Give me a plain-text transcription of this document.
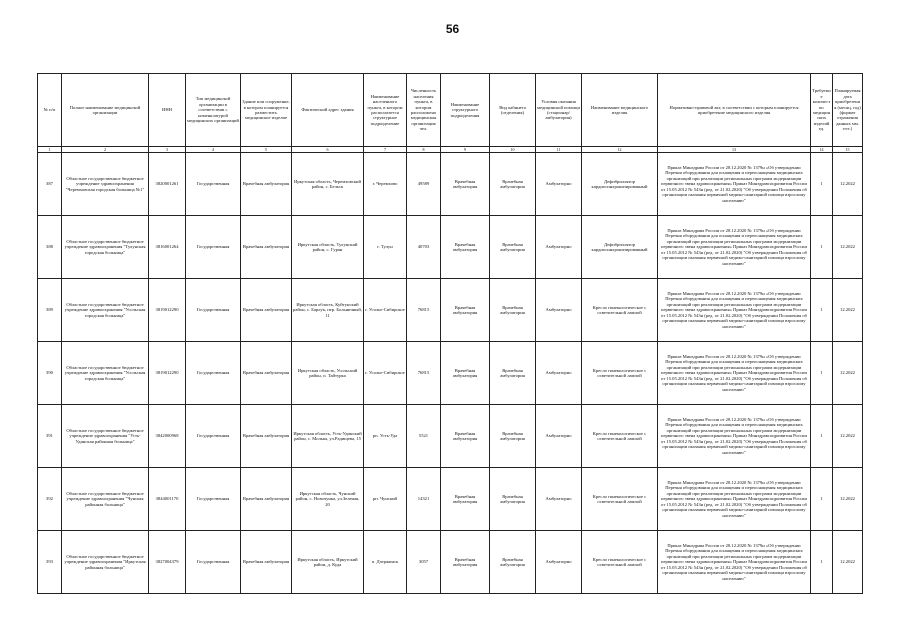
56
№ п/п	Полное наименование медицинской организации	ИНН	Тип медицинской организации в соответствии с номенклатурой медицинских организаций	Здание или сооружение, в котором планируется разместить медицинское изделие	Фактический адрес здания	Наименование населенного пункта, в котором располагается структурное подразделение	Численность населения пункта, в котором расположено медицинская организация чел.	Наименование структурного подразделения	Вид кабинета (отделения)	Условия оказания медицинской помощи (стационар/амбулатория)	Наименование медицинского изделия	Нормативно-правовой акт, в соответствии с которым планируется приобретение медицинского изделия	Требуемое количество медицинских изделий ед.	Планируемая дата приобретения (месяц, год) (формат отражения данных мм. гггг.)
1	2	3	4	5	6	7	8	9	10	11	12	13	14	15
387	Областное государственное бюджетное учреждение здравоохранения "Черемховская городская больница №1"	3820001261	Государственная	Врачебная амбулатория	Иркутская область, Черемховский район, с. Бельск	г. Черемхово	49589	Врачебная амбулатория	Врачебная амбулатория	Амбулаторно	Дефибриллятор кардиосинхронизированный	Приказ Минздрава России от 28.12.2020 № 1379н «Об утверждении Перечня оборудования для оснащения и переоснащения медицинских организаций при реализации региональных программ модернизации первичного звена здравоохранения» Приказ Минздравсоцразвития России от 15.05.2012 № 543н (ред. от 21.02.2020) "Об утверждении Положения об организации оказания первичной медико-санитарной помощи взрослому населению"	1	12.2022
388	Областное государственное бюджетное учреждение здравоохранения "Тулунская городская больница"	3816001264	Государственная	Врачебная амбулатория	Иркутская область, Тулунский район, с. Гуран	г. Тулун	40703	Врачебная амбулатория	Врачебная амбулатория	Амбулаторно	Дефибриллятор кардиосинхронизированный	Приказ Минздрава России от 28.12.2020 № 1379н «Об утверждении Перечня оборудования для оснащения и переоснащения медицинских организаций при реализации региональных программ модернизации первичного звена здравоохранения» Приказ Минздравсоцразвития России от 15.05.2012 № 543н (ред. от 21.02.2020) "Об утверждении Положения об организации оказания первичной медико-санитарной помощи взрослому населению"	1	12.2022
389	Областное государственное бюджетное учреждение здравоохранения "Усольская городская больница"	3819012290	Государственная	Врачебная амбулатория	Иркутская область, Куйтунский район, с. Барлук, пер. Больничный, 11	г. Усолье-Сибирское	76815	Врачебная амбулатория	Врачебная амбулатория	Амбулаторно	Кресло гинекологическое с осветительной лампой	Приказ Минздрава России от 28.12.2020 № 1379н «Об утверждении Перечня оборудования для оснащения и переоснащения медицинских организаций при реализации региональных программ модернизации первичного звена здравоохранения» Приказ Минздравсоцразвития России от 15.05.2012 № 543н (ред. от 21.02.2020) "Об утверждении Положения об организации оказания первичной медико-санитарной помощи взрослому населению"	1	12.2022
390	Областное государственное бюджетное учреждение здравоохранения "Усольская городская больница"	3819012290	Государственная	Врачебная амбулатория	Иркутская область, Усольский район, п. Тайтурка	г. Усолье-Сибирское	76815	Врачебная амбулатория	Врачебная амбулатория	Амбулаторно	Кресло гинекологическое с осветительной лампой	Приказ Минздрава России от 28.12.2020 № 1379н «Об утверждении Перечня оборудования для оснащения и переоснащения медицинских организаций при реализации региональных программ модернизации первичного звена здравоохранения» Приказ Минздравсоцразвития России от 15.05.2012 № 543н (ред. от 21.02.2020) "Об утверждении Положения об организации оказания первичной медико-санитарной помощи взрослому населению"	1	12.2022
391	Областное государственное бюджетное учреждение здравоохранения "Усть-Удинская районная больница"	3842000968	Государственная	Врачебная амбулатория	Иркутская область, Усть-Удинский район, с. Молька, ул.Радищева, 15	рп. Усть-Уда	5521	Врачебная амбулатория	Врачебная амбулатория	Амбулаторно	Кресло гинекологическое с осветительной лампой	Приказ Минздрава России от 28.12.2020 № 1379н «Об утверждении Перечня оборудования для оснащения и переоснащения медицинских организаций при реализации региональных программ модернизации первичного звена здравоохранения» Приказ Минздравсоцразвития России от 15.05.2012 № 543н (ред. от 21.02.2020) "Об утверждении Положения об организации оказания первичной медико-санитарной помощи взрослому населению"	1	12.2022
392	Областное государственное бюджетное учреждение здравоохранения "Чунская районная больница"	3844001170	Государственная	Врачебная амбулатория	Иркутская область, Чунский район, с. Новочунка, ул.Зеленая, 20	рп. Чунский	14321	Врачебная амбулатория	Врачебная амбулатория	Амбулаторно	Кресло гинекологическое с осветительной лампой	Приказ Минздрава России от 28.12.2020 № 1379н «Об утверждении Перечня оборудования для оснащения и переоснащения медицинских организаций при реализации региональных программ модернизации первичного звена здравоохранения» Приказ Минздравсоцразвития России от 15.05.2012 № 543н (ред. от 21.02.2020) "Об утверждении Положения об организации оказания первичной медико-санитарной помощи взрослому населению"	1	12.2022
393	Областное государственное бюджетное учреждение здравоохранения "Иркутская районная больница"	3827004379	Государственная	Врачебная амбулатория	Иркутская область, Иркутский район, д. Куда	п. Дзержинск	3057	Врачебная амбулатория	Врачебная амбулатория	Амбулаторно	Кресло гинекологическое с осветительной лампой	Приказ Минздрава России от 28.12.2020 № 1379н «Об утверждении Перечня оборудования для оснащения и переоснащения медицинских организаций при реализации региональных программ модернизации первичного звена здравоохранения» Приказ Минздравсоцразвития России от 15.05.2012 № 543н (ред. от 21.02.2020) "Об утверждении Положения об организации оказания первичной медико-санитарной помощи взрослому населению"	1	12.2022
